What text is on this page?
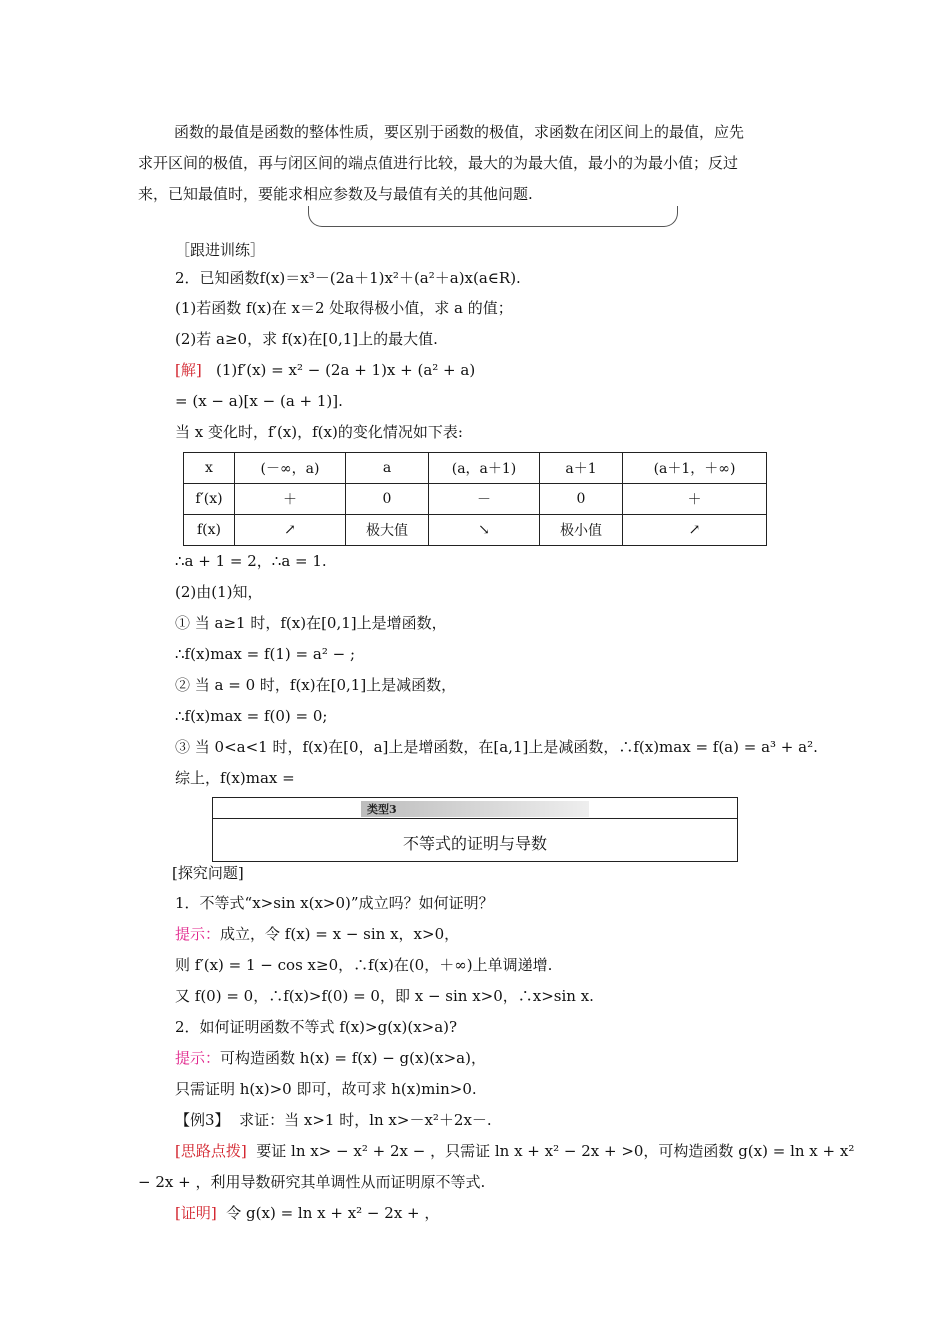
函数的最值是函数的整体性质，要区别于函数的极值，求函数在闭区间上的最值，应先
求开区间的极值，再与闭区间的端点值进行比较，最大的为最大值，最小的为最小值；反过
来，已知最值时，要能求相应参数及与最值有关的其他问题.
［跟进训练］
2．已知函数f(x)＝x³－(2a＋1)x²＋(a²＋a)x(a∈R).
(1)若函数 f(x)在 x＝2 处取得极小值，求 a 的值；
(2)若 a≥0，求 f(x)在[0,1]上的最大值.
[解] (1)f′(x) = x² − (2a + 1)x + (a² + a)
= (x − a)[x − (a + 1)].
当 x 变化时，f′(x)，f(x)的变化情况如下表:
x	(－∞，a)	a	(a，a＋1)	a＋1	(a＋1，＋∞)
f′(x)	＋	0	－	0	＋
f(x)	↗	极大值	↘	极小值	↗
∴a + 1 = 2，∴a = 1.
(2)由(1)知，
① 当 a≥1 时，f(x)在[0,1]上是增函数，
∴f(x)max = f(1) = a² − ;
② 当 a = 0 时，f(x)在[0,1]上是减函数，
∴f(x)max = f(0) = 0;
③ 当 0<a<1 时，f(x)在[0，a]上是增函数，在[a,1]上是减函数，∴f(x)max = f(a) = a³ + a².
综上，f(x)max =
类型3
不等式的证明与导数
[探究问题]
1．不等式“x>sin x(x>0)”成立吗？如何证明？
提示：成立，令 f(x) = x − sin x，x>0，
则 f′(x) = 1 − cos x≥0，∴f(x)在(0，＋∞)上单调递增.
又 f(0) = 0，∴f(x)>f(0) = 0，即 x − sin x>0，∴x>sin x.
2．如何证明函数不等式 f(x)>g(x)(x>a)?
提示：可构造函数 h(x) = f(x) − g(x)(x>a)，
只需证明 h(x)>0 即可，故可求 h(x)min>0.
【例3】 求证：当 x>1 时，ln x>－x²＋2x－.
[思路点拨] 要证 ln x> − x² + 2x − ，只需证 ln x + x² − 2x + >0，可构造函数 g(x) = ln x + x²
− 2x + ，利用导数研究其单调性从而证明原不等式.
[证明] 令 g(x) = ln x + x² − 2x + ，
